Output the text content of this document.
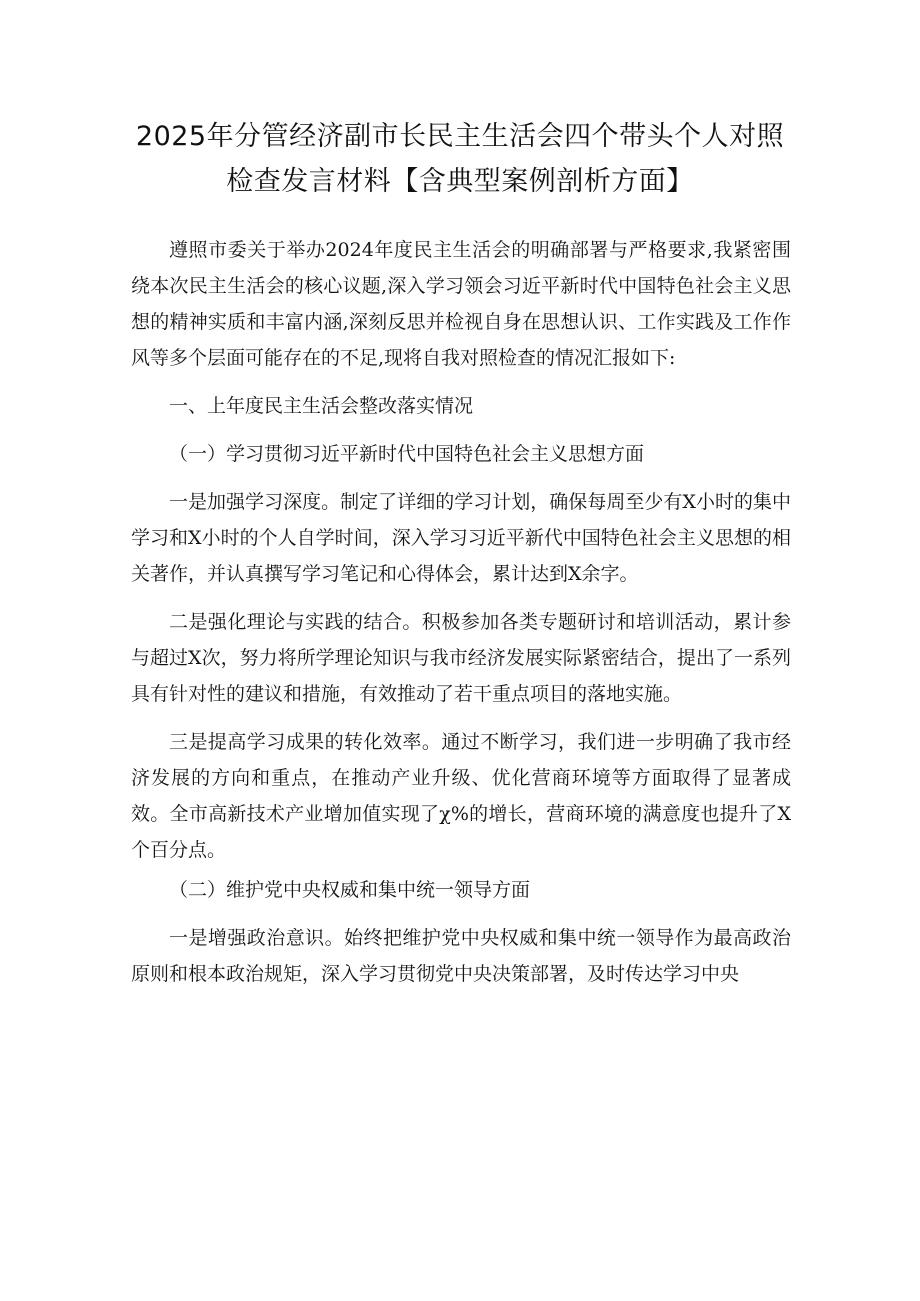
2025年分管经济副市长民主生活会四个带头个人对照
检查发言材料【含典型案例剖析方面】

遵照市委关于举办2024年度民主生活会的明确部署与严格要求,我紧密围绕本次民主生活会的核心议题,深入学习领会习近平新时代中国特色社会主义思想的精神实质和丰富内涵,深刻反思并检视自身在思想认识、工作实践及工作作风等多个层面可能存在的不足,现将自我对照检查的情况汇报如下:

一、上年度民主生活会整改落实情况

（一）学习贯彻习近平新时代中国特色社会主义思想方面

一是加强学习深度。制定了详细的学习计划，确保每周至少有X小时的集中学习和X小时的个人自学时间，深入学习习近平新代中国特色社会主义思想的相关著作，并认真撰写学习笔记和心得体会，累计达到X余字。

二是强化理论与实践的结合。积极参加各类专题研讨和培训活动，累计参与超过X次，努力将所学理论知识与我市经济发展实际紧密结合，提出了一系列具有针对性的建议和措施，有效推动了若干重点项目的落地实施。

三是提高学习成果的转化效率。通过不断学习，我们进一步明确了我市经济发展的方向和重点，在推动产业升级、优化营商环境等方面取得了显著成效。全市高新技术产业增加值实现了χ%的增长，营商环境的满意度也提升了X个百分点。

（二）维护党中央权威和集中统一领导方面

一是增强政治意识。始终把维护党中央权威和集中统一领导作为最高政治原则和根本政治规矩，深入学习贯彻党中央决策部署，及时传达学习中央
